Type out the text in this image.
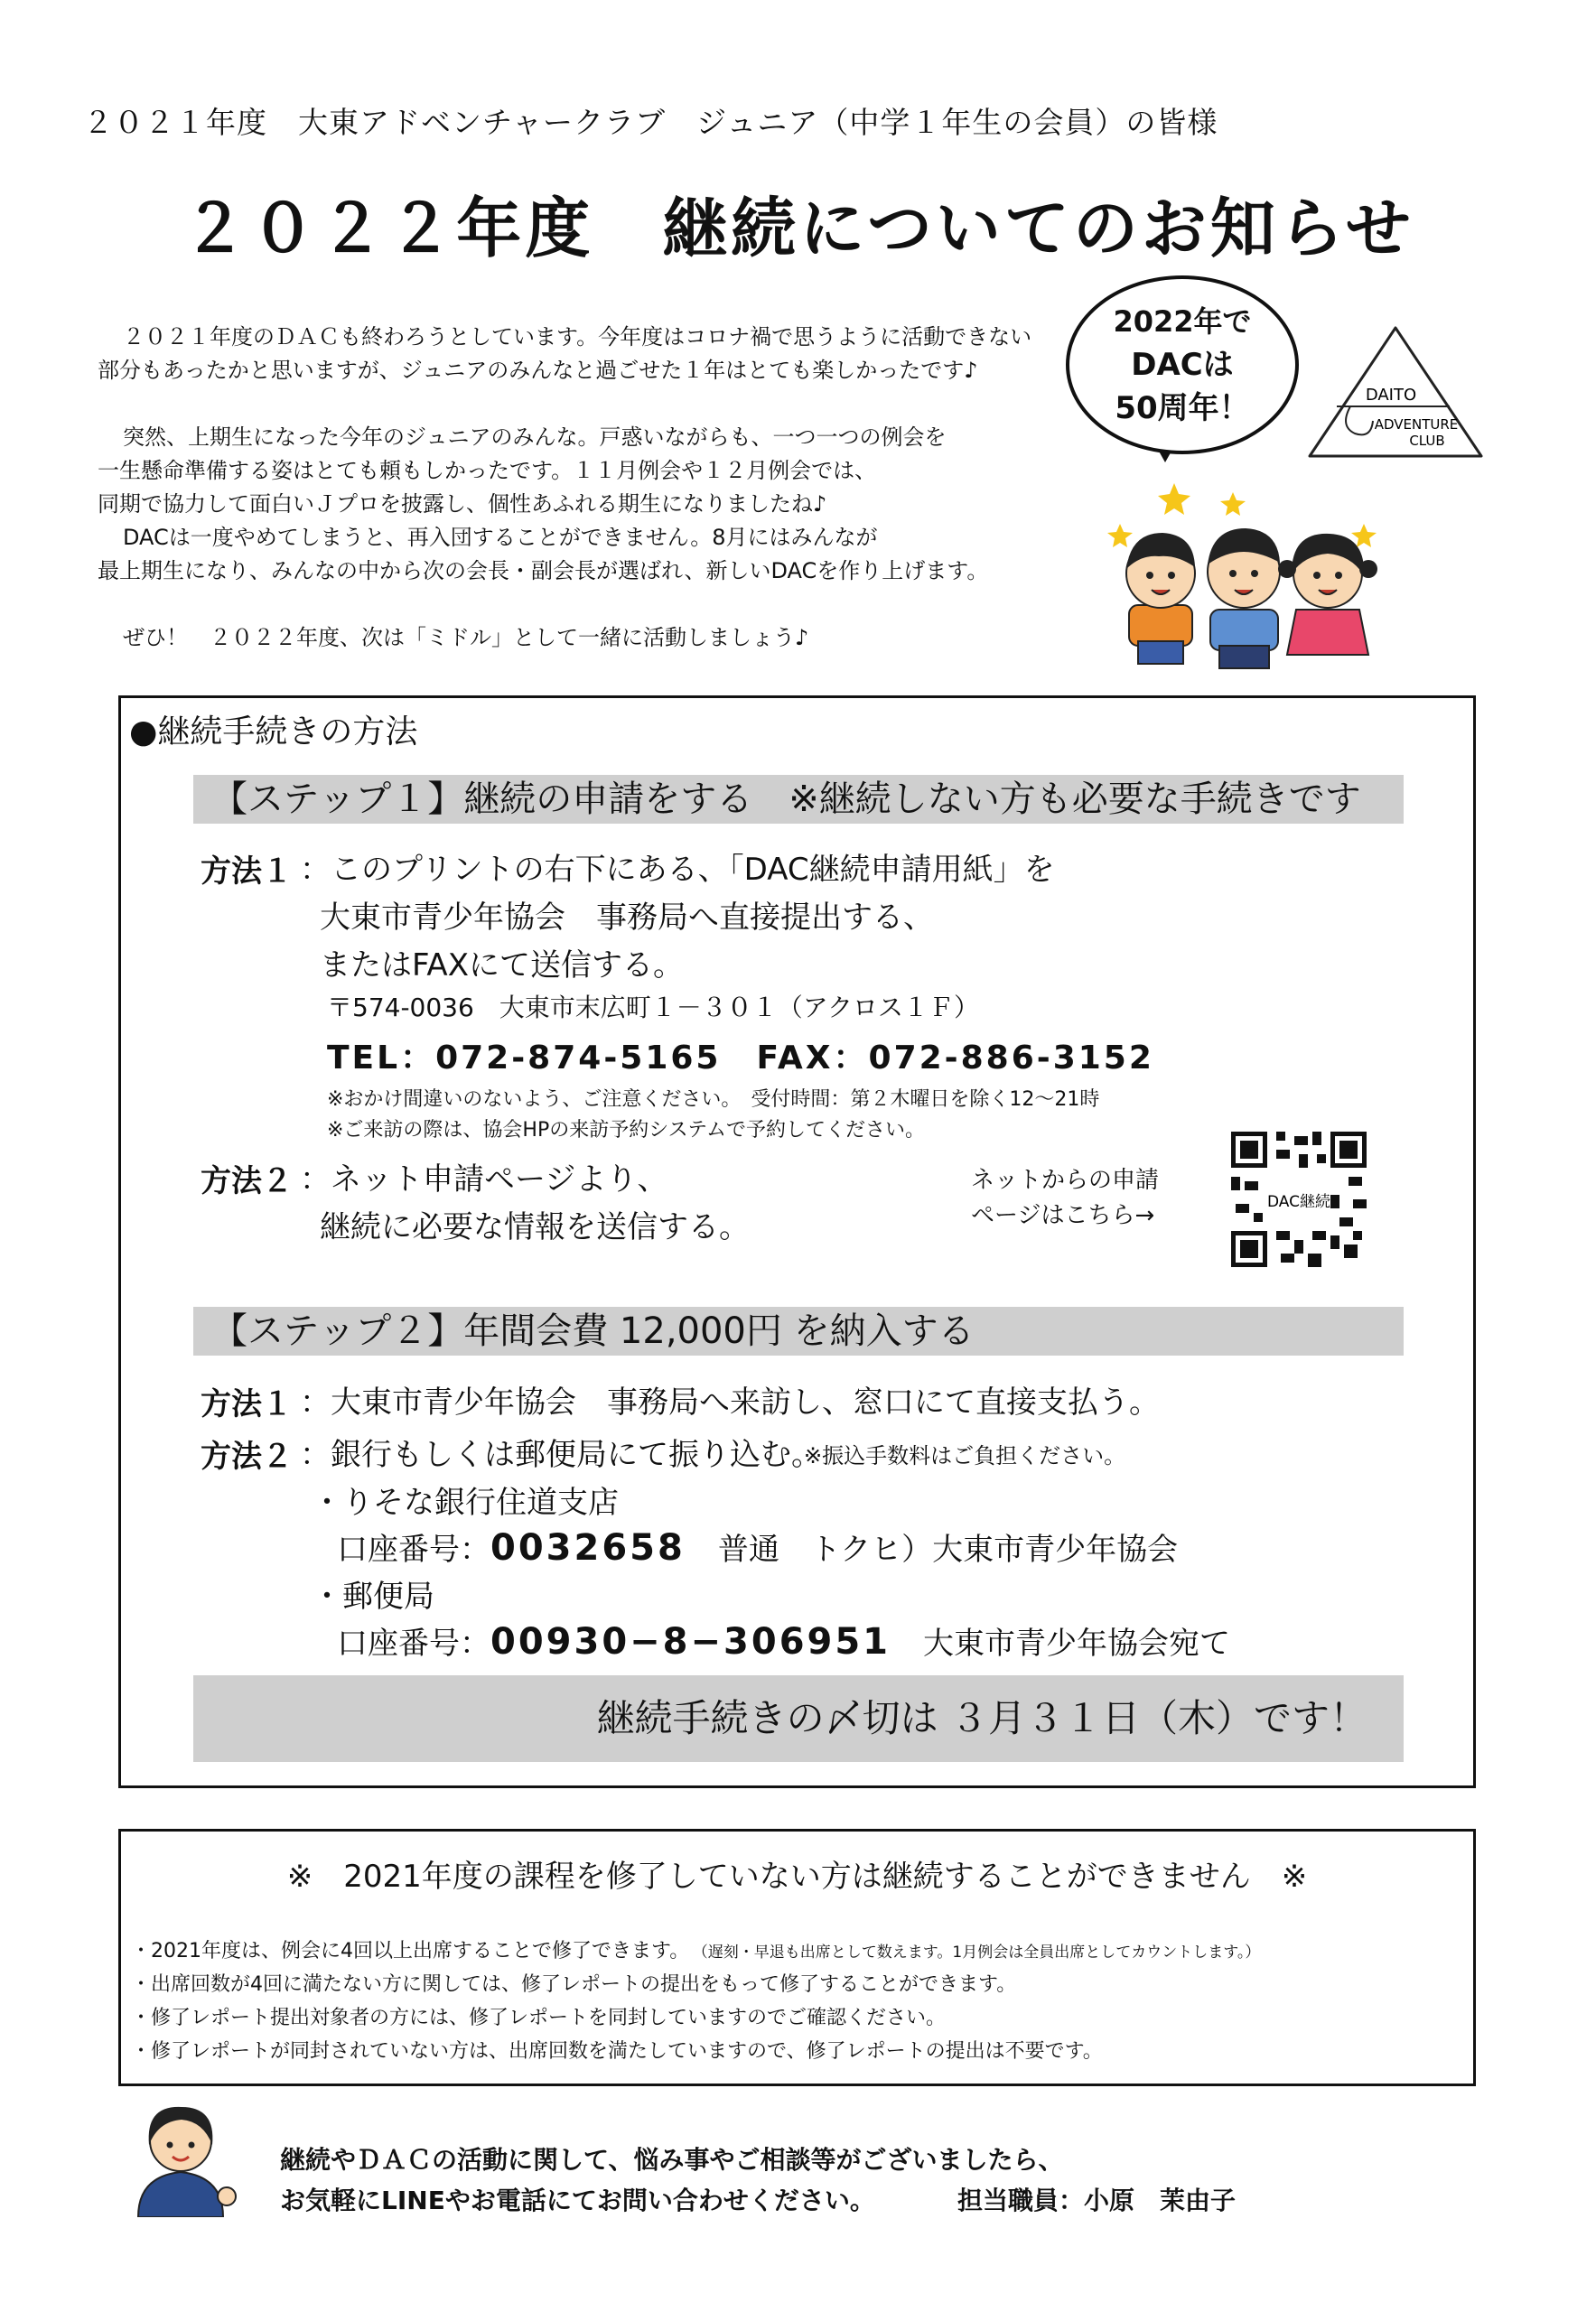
２０２１年度　大東アドベンチャークラブ　ジュニア（中学１年生の会員）の皆様
２０２２年度　継続についてのお知らせ

２０２１年度のＤＡＣも終わろうとしています。今年度はコロナ禍で思うように活動できない

部分もあったかと思いますが、ジュニアのみんなと過ごせた１年はとても楽しかったです♪

突然、上期生になった今年のジュニアのみんな。戸惑いながらも、一つ一つの例会を

一生懸命準備する姿はとても頼もしかったです。１１月例会や１２月例会では、

同期で協力して面白いＪプロを披露し、個性あふれる期生になりましたね♪

DACは一度やめてしまうと、再入団することができません。8月にはみんなが

最上期生になり、みんなの中から次の会長・副会長が選ばれ、新しいDACを作り上げます。

ぜひ！　２０２２年度、次は「ミドル」として一緒に活動しましょう♪

2022年で
DACは
50周年！	DAITO
ADVENTURE
CLUB
●継続手続きの方法
【ステップ１】継続の申請をする　※継続しない方も必要な手続きです
方法１ ：このプリントの右下にある、「DAC継続申請用紙」を
大東市青少年協会　事務局へ直接提出する、
またはFAXにて送信する。
〒574-0036　大東市末広町１－３０１（アクロス１Ｆ）
TEL：072-874-5165　FAX：072-886-3152
※おかけ間違いのないよう、ご注意ください。　受付時間：第２木曜日を除く12～21時
※ご来訪の際は、協会HPの来訪予約システムで予約してください。
方法２ ：ネット申請ページより、
継続に必要な情報を送信する。
ネットからの申請
ページはこちら→	DAC継続
【ステップ２】年間会費 12,000円 を納入する
方法１ ：大東市青少年協会　事務局へ来訪し、窓口にて直接支払う。
方法２ ：銀行もしくは郵便局にて振り込む。
※振込手数料はご負担ください。
・りそな銀行住道支店
口座番号：0032658 普通　トクヒ）大東市青少年協会
・郵便局
口座番号：00930−8−306951 大東市青少年協会宛て
継続手続きの〆切は ３月３１日（木）です！
※　2021年度の課程を修了していない方は継続することができません　※
・2021年度は、例会に4回以上出席することで修了できます。 （遅刻・早退も出席として数えます。1月例会は全員出席としてカウントします。）
・出席回数が4回に満たない方に関しては、修了レポートの提出をもって修了することができます。
・修了レポート提出対象者の方には、修了レポートを同封していますのでご確認ください。
・修了レポートが同封されていない方は、出席回数を満たしていますので、修了レポートの提出は不要です。
継続やＤＡＣの活動に関して、悩み事やご相談等がございましたら、
お気軽にLINEやお電話にてお問い合わせください。	担当職員：小原　茉由子
